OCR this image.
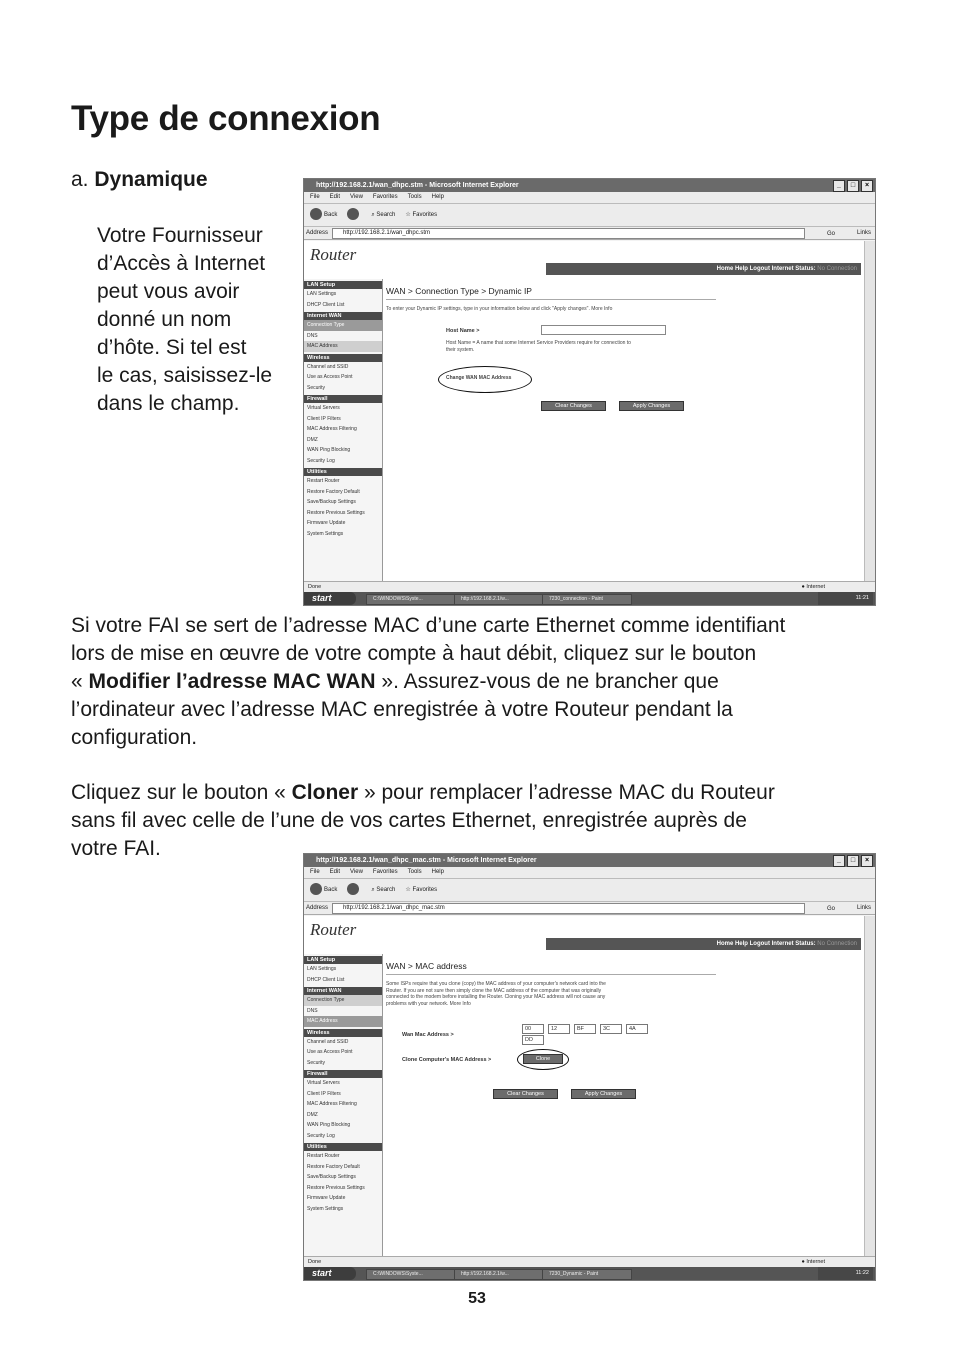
Type de connexion
a. Dynamique

Votre Fournisseur

d’Accès à Internet

peut vous avoir

donné un nom

d’hôte. Si tel est

le cas, saisissez-le

dans le champ.

http://192.168.2.1/wan_dhpc.stm - Microsoft Internet Explorer	_	□	×
File Edit View Favorites Tools Help
Back	⌕ Search ☆ Favorites
Address	http://192.168.2.1/wan_dhpc.stm	Go	Links
Router
Home Help Logout Internet Status: No Connection
LAN Setup
LAN Settings
DHCP Client List
Internet WAN
Connection Type
DNS
MAC Address
Wireless
Channel and SSID
Use as Access Point
Security
Firewall
Virtual Servers
Client IP Filters
MAC Address Filtering
DMZ
WAN Ping Blocking
Security Log
Utilities
Restart Router
Restore Factory Default
Save/Backup Settings
Restore Previous Settings
Firmware Update
System Settings
WAN > Connection Type > Dynamic IP
To enter your Dynamic IP settings, type in your information below and click "Apply changes". More Info
Host Name >
Host Name = A name that some Internet Service Providers require for connection to
their system.
Change WAN MAC Address
Clear Changes	Apply Changes
Done	● Internet
start	C:\WINDOWS\Syste...	http://192.168.2.1/w...	7230_connection - Paint	11:21

Si votre FAI se sert de l’adresse MAC d’une carte Ethernet comme identifiant

lors de mise en œuvre de votre compte à haut débit, cliquez sur le bouton

« Modifier l’adresse MAC WAN ». Assurez-vous de ne brancher que

l’ordinateur avec l’adresse MAC enregistrée à votre Routeur pendant la

configuration.

Cliquez sur le bouton « Cloner » pour remplacer l’adresse MAC du Routeur

sans fil avec celle de l’une de vos cartes Ethernet, enregistrée auprès de

votre FAI.

http://192.168.2.1/wan_dhpc_mac.stm - Microsoft Internet Explorer	_	□	×
File Edit View Favorites Tools Help
Back	⌕ Search ☆ Favorites
Address	http://192.168.2.1/wan_dhpc_mac.stm	Go	Links
Router
Home Help Logout Internet Status: No Connection
LAN Setup
LAN Settings
DHCP Client List
Internet WAN
Connection Type
DNS
MAC Address
Wireless
Channel and SSID
Use as Access Point
Security
Firewall
Virtual Servers
Client IP Filters
MAC Address Filtering
DMZ
WAN Ping Blocking
Security Log
Utilities
Restart Router
Restore Factory Default
Save/Backup Settings
Restore Previous Settings
Firmware Update
System Settings
WAN > MAC address
Some ISPs require that you clone (copy) the MAC address of your computer's network card into the
Router. If you are not sure then simply clone the MAC address of the computer that was originally
connected to the modem before installing the Router. Cloning your MAC address will not cause any
problems with your network. More Info
Wan Mac Address >
00	12	BF	3C	4A
DD
Clone Computer's MAC Address >	Clone
Clear Changes	Apply Changes
Done	● Internet
start	C:\WINDOWS\Syste...	http://192.168.2.1/w...	7230_Dynamic - Paint	11:22
53
